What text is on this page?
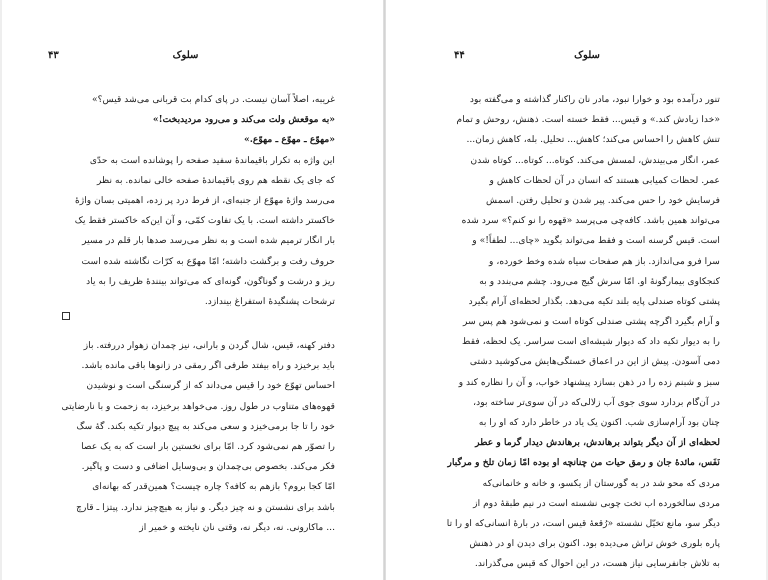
۴۳	سلوک
غریبه، اصلاً آسان نیست. در پای کدام بت قربانی می‌شد قیس؟»
«به موقعش ولت می‌کند و می‌رود مردیدبخت!»
«مهوّع ـ مهوّع ـ مهوّع.»
این واژه به تکرار باقیماندهٔ سفید صفحه را پوشانده است به حدّی
که جای یک نقطه هم روی باقیماندهٔ صفحه خالی نمانده. به نظر
می‌رسد واژهٔ مهوّع از جنبه‌ای، از فرط درد پر زده، اهمیتی بسان واژهٔ
خاکستر داشته است. با یک تفاوت کمّی، و آن این‌که خاکستر فقط یک
بار انگار ترمیم شده است و به نظر می‌رسد صدها بار قلم در مسیر
حروف رفت و برگشت داشته؛ امّا مهوّع به کرّات نگاشته شده است
ریز و درشت و گوناگون، گونه‌ای که می‌تواند بینندهٔ ظریف را به یاد
ترشحات پشنگیدهٔ استفراغ بیندازد.
دفتر کهنه، قیس، شال گردن و بارانی، نیز چمدان زهوار دررفته. باز
باید برخیزد و راه بیفتد طرفی اگر رمقی در زانوها باقی مانده باشد.
احساس تهوّع خود را قیس می‌داند که از گرسنگی است و نوشیدن
قهوه‌های متناوب در طول روز. می‌خواهد برخیزد، به زحمت و با نارضایتی
خود را تا جا برمی‌خیزد و سعی می‌کند به پیچ دیوار تکیه بکند. گهٔ سگ
را تصوّر هم نمی‌شود کرد. امّا برای نخستین بار است که به یک عصا
فکر می‌کند. بخصوص بی‌چمدان و بی‌وسایل اضافی و دست و پاگیر.
امّا کجا بروم؟ بازهم به کافه؟ چاره چیست؟ همین‌قدر که بهانه‌ای
باشد برای نشستن و نه چیز دیگر. و نیاز به هیچ‌چیز ندارد. پیتزا ـ قارچ
... ماکارونی. نه، دیگر نه، وقتی نان نایخته و خمیر از
۴۴	سلوک
تنور درآمده بود و خوارا نبود، مادر نان راکنار گذاشته و می‌گفته بود
«خدا زیادش کند.» و قیس... فقط خسته است. ذهنش، روحش و تمام
تنش کاهش را احساس می‌کند؛ کاهش... تحلیل. بله، کاهش زمان...
عمر، انگار می‌بیندش، لمسش می‌کند. کوتاه... کوتاه... کوتاه شدن
عمر. لحظات کمیابی هستند که انسان در آن لحظات کاهش و
فرسایش خود را حس می‌کند. پیر شدن و تحلیل رفتن. اسمش
می‌تواند همین باشد. کافه‌چی می‌پرسد «قهوه را نو کنم؟» سرد شده
است. قیس گرسنه است و فقط می‌تواند بگوید «چای... لطفاً!» و
سرا فرو می‌اندازد. باز هم صفحات سیاه شده وخط خورده، و
کنجکاوی بیمارگونهٔ او. امّا سرش گیج می‌رود. چشم می‌بندد و به
پشتی کوتاه صندلی پایه بلند تکیه می‌دهد. بگذار لحظه‌ای آرام بگیرد
و آرام بگیرد اگرچه پشتی صندلی کوتاه است و نمی‌شود هم پس سر
را به دیوار تکیه داد که دیوار شیشه‌ای است سراسر. یک لحظه، فقط
دمی آسودن. پیش از این در اعماق خستگی‌هایش می‌کوشید دشتی
سبز و شبنم زده را در ذهن بسازد پیشنهاد خواب، و آن را نظاره کند و
در آن‌گام بردارد سوی جوی آب زلالی‌که در آن سوی‌تر ساخته بود،
چنان بود آرام‌سازی شب. اکنون یک یاد در خاطر دارد که او را به
لحظه‌ای از آن دیگر بتواند برهاندش، برهاندش دیدار گرما و عطر
نَفَس، مائدهٔ جان و رمق حیات من چنانچه او بوده امّا زمان تلخ و مرگبار
مردی که محو شد در یه گورستان از یکسو، و خانه و خانمانی‌که
مردی سالخورده اب تخت چوبی نشسته است در نیم طبقهٔ دوم از
دیگر سو، مانع تخیّل نشسته «رُقعهٔ قیس است، در بارهٔ انسانی‌که او را تا
پاره بلوری خوش تراش می‌دیده بود. اکنون برای دیدن او در ذهنش
به تلاش جانفرسایی نیاز هست، در این احوال که قیس می‌گذراند.
